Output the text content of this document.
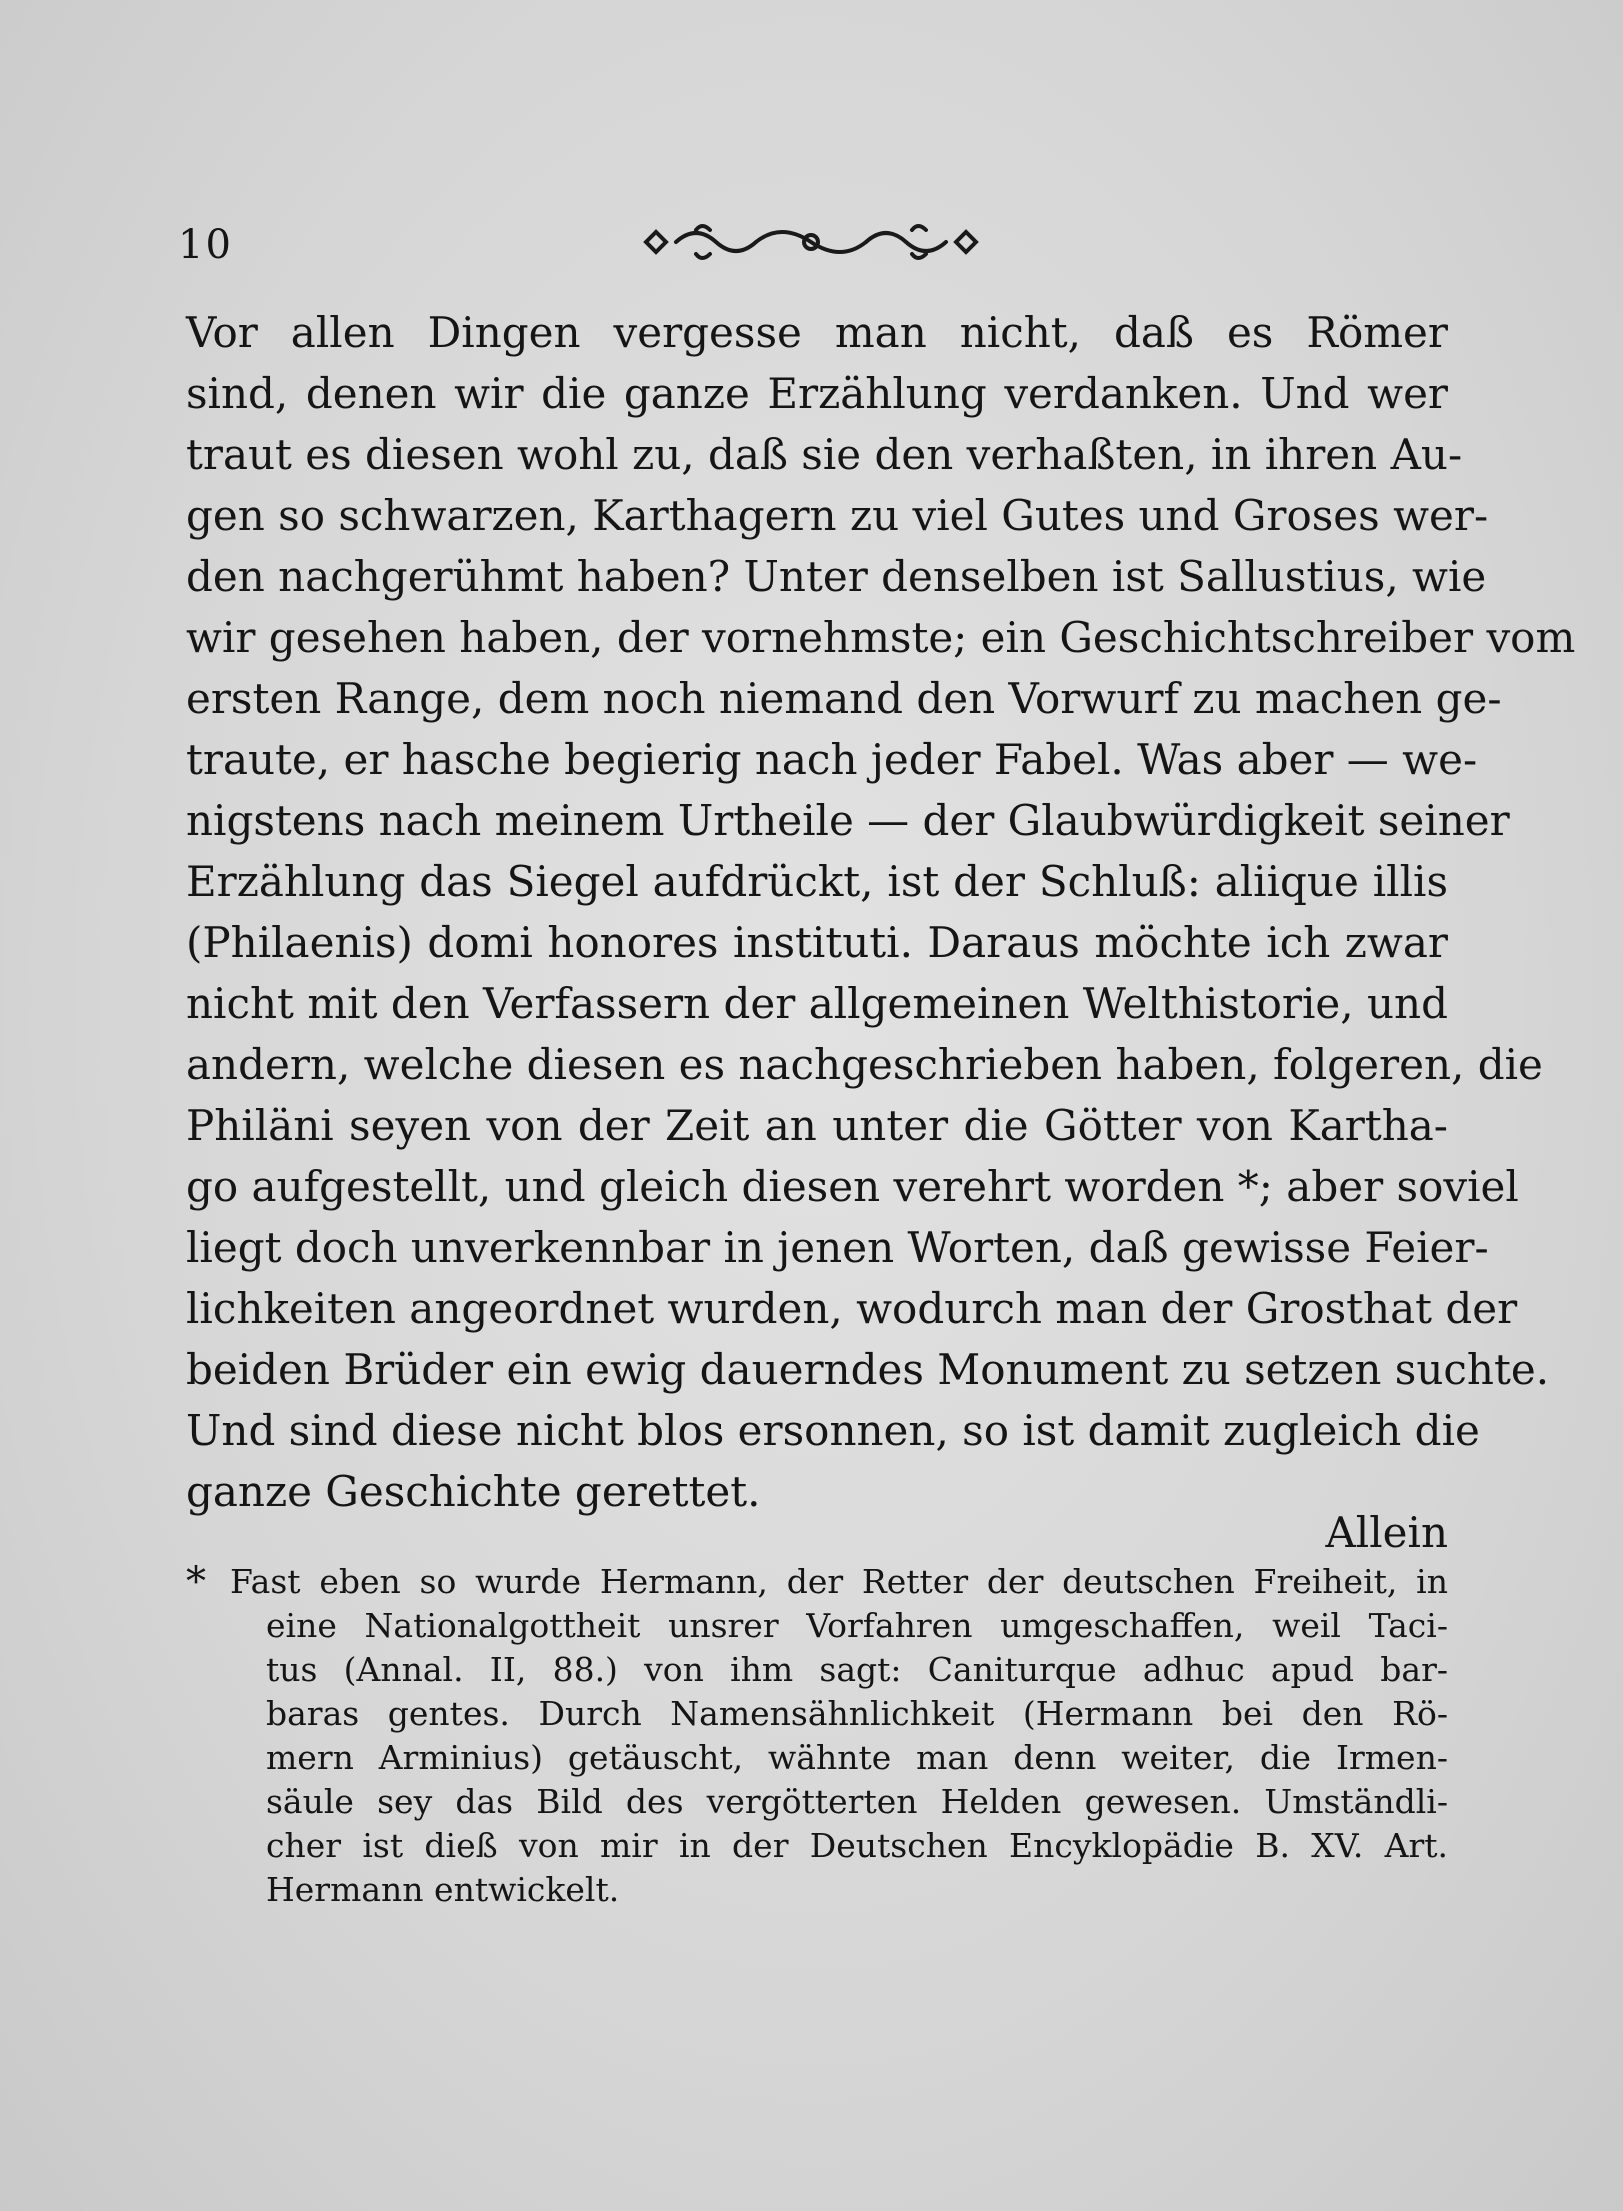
10
Vor allen Dingen vergesse man nicht, daß es Römer
sind, denen wir die ganze Erzählung verdanken. Und wer
traut es diesen wohl zu, daß sie den verhaßten, in ihren Au-
gen so schwarzen, Karthagern zu viel Gutes und Groses wer-
den nachgerühmt haben? Unter denselben ist Sallustius, wie
wir gesehen haben, der vornehmste; ein Geschichtschreiber vom
ersten Range, dem noch niemand den Vorwurf zu machen ge-
traute, er hasche begierig nach jeder Fabel. Was aber — we-
nigstens nach meinem Urtheile — der Glaubwürdigkeit seiner
Erzählung das Siegel aufdrückt, ist der Schluß: aliique illis
(Philaenis) domi honores instituti. Daraus möchte ich zwar
nicht mit den Verfassern der allgemeinen Welthistorie, und
andern, welche diesen es nachgeschrieben haben, folgeren, die
Philäni seyen von der Zeit an unter die Götter von Kartha-
go aufgestellt, und gleich diesen verehrt worden *; aber soviel
liegt doch unverkennbar in jenen Worten, daß gewisse Feier-
lichkeiten angeordnet wurden, wodurch man der Grosthat der
beiden Brüder ein ewig dauerndes Monument zu setzen suchte.
Und sind diese nicht blos ersonnen, so ist damit zugleich die
ganze Geschichte gerettet.
Allein
* Fast eben so wurde Hermann, der Retter der deutschen Freiheit, in
eine Nationalgottheit unsrer Vorfahren umgeschaffen, weil Taci-
tus (Annal. II, 88.) von ihm sagt: Caniturque adhuc apud bar-
baras gentes. Durch Namensähnlichkeit (Hermann bei den Rö-
mern Arminius) getäuscht, wähnte man denn weiter, die Irmen-
säule sey das Bild des vergötterten Helden gewesen. Umständli-
cher ist dieß von mir in der Deutschen Encyklopädie B. XV. Art.
Hermann entwickelt.
